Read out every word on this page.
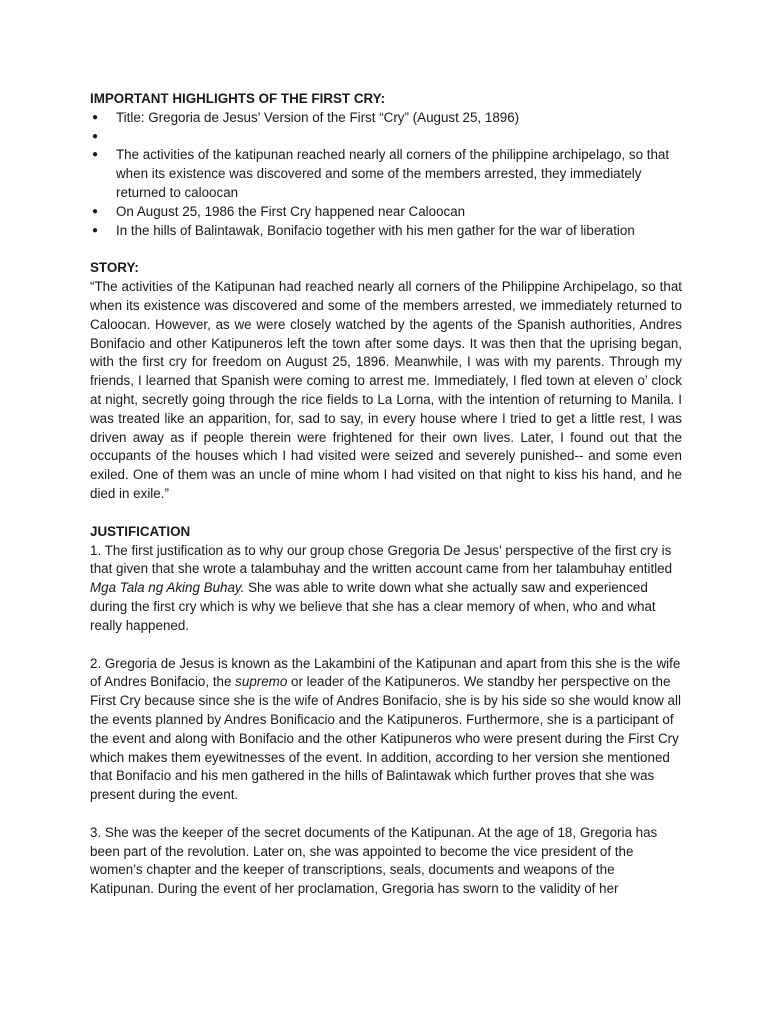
IMPORTANT HIGHLIGHTS OF THE FIRST CRY:

● Title: Gregoria de Jesus’ Version of the First “Cry” (August 25, 1896)
●
● The activities of the katipunan reached nearly all corners of the philippine archipelago, so that when its existence was discovered and some of the members arrested, they immediately returned to caloocan
● On August 25, 1986 the First Cry happened near Caloocan
● In the hills of Balintawak, Bonifacio together with his men gather for the war of liberation

STORY:

“The activities of the Katipunan had reached nearly all corners of the Philippine Archipelago, so that when its existence was discovered and some of the members arrested, we immediately returned to Caloocan. However, as we were closely watched by the agents of the Spanish authorities, Andres Bonifacio and other Katipuneros left the town after some days. It was then that the uprising began, with the first cry for freedom on August 25, 1896. Meanwhile, I was with my parents. Through my friends, I learned that Spanish were coming to arrest me. Immediately, I fled town at eleven o’ clock at night, secretly going through the rice fields to La Lorna, with the intention of returning to Manila. I was treated like an apparition, for, sad to say, in every house where I tried to get a little rest, I was driven away as if people therein were frightened for their own lives. Later, I found out that the occupants of the houses which I had visited were seized and severely punished-- and some even exiled. One of them was an uncle of mine whom I had visited on that night to kiss his hand, and he died in exile.”

JUSTIFICATION

1. The first justification as to why our group chose Gregoria De Jesus' perspective of the first cry is that given that she wrote a talambuhay and the written account came from her talambuhay entitled Mga Tala ng Aking Buhay. She was able to write down what she actually saw and experienced during the first cry which is why we believe that she has a clear memory of when, who and what really happened.

2. Gregoria de Jesus is known as the Lakambini of the Katipunan and apart from this she is the wife of Andres Bonifacio, the supremo or leader of the Katipuneros. We standby her perspective on the First Cry because since she is the wife of Andres Bonifacio, she is by his side so she would know all the events planned by Andres Bonificacio and the Katipuneros. Furthermore, she is a participant of the event and along with Bonifacio and the other Katipuneros who were present during the First Cry which makes them eyewitnesses of the event. In addition, according to her version she mentioned that Bonifacio and his men gathered in the hills of Balintawak which further proves that she was present during the event.

3. She was the keeper of the secret documents of the Katipunan. At the age of 18, Gregoria has been part of the revolution. Later on, she was appointed to become the vice president of the women’s chapter and the keeper of transcriptions, seals, documents and weapons of the Katipunan. During the event of her proclamation, Gregoria has sworn to the validity of her
